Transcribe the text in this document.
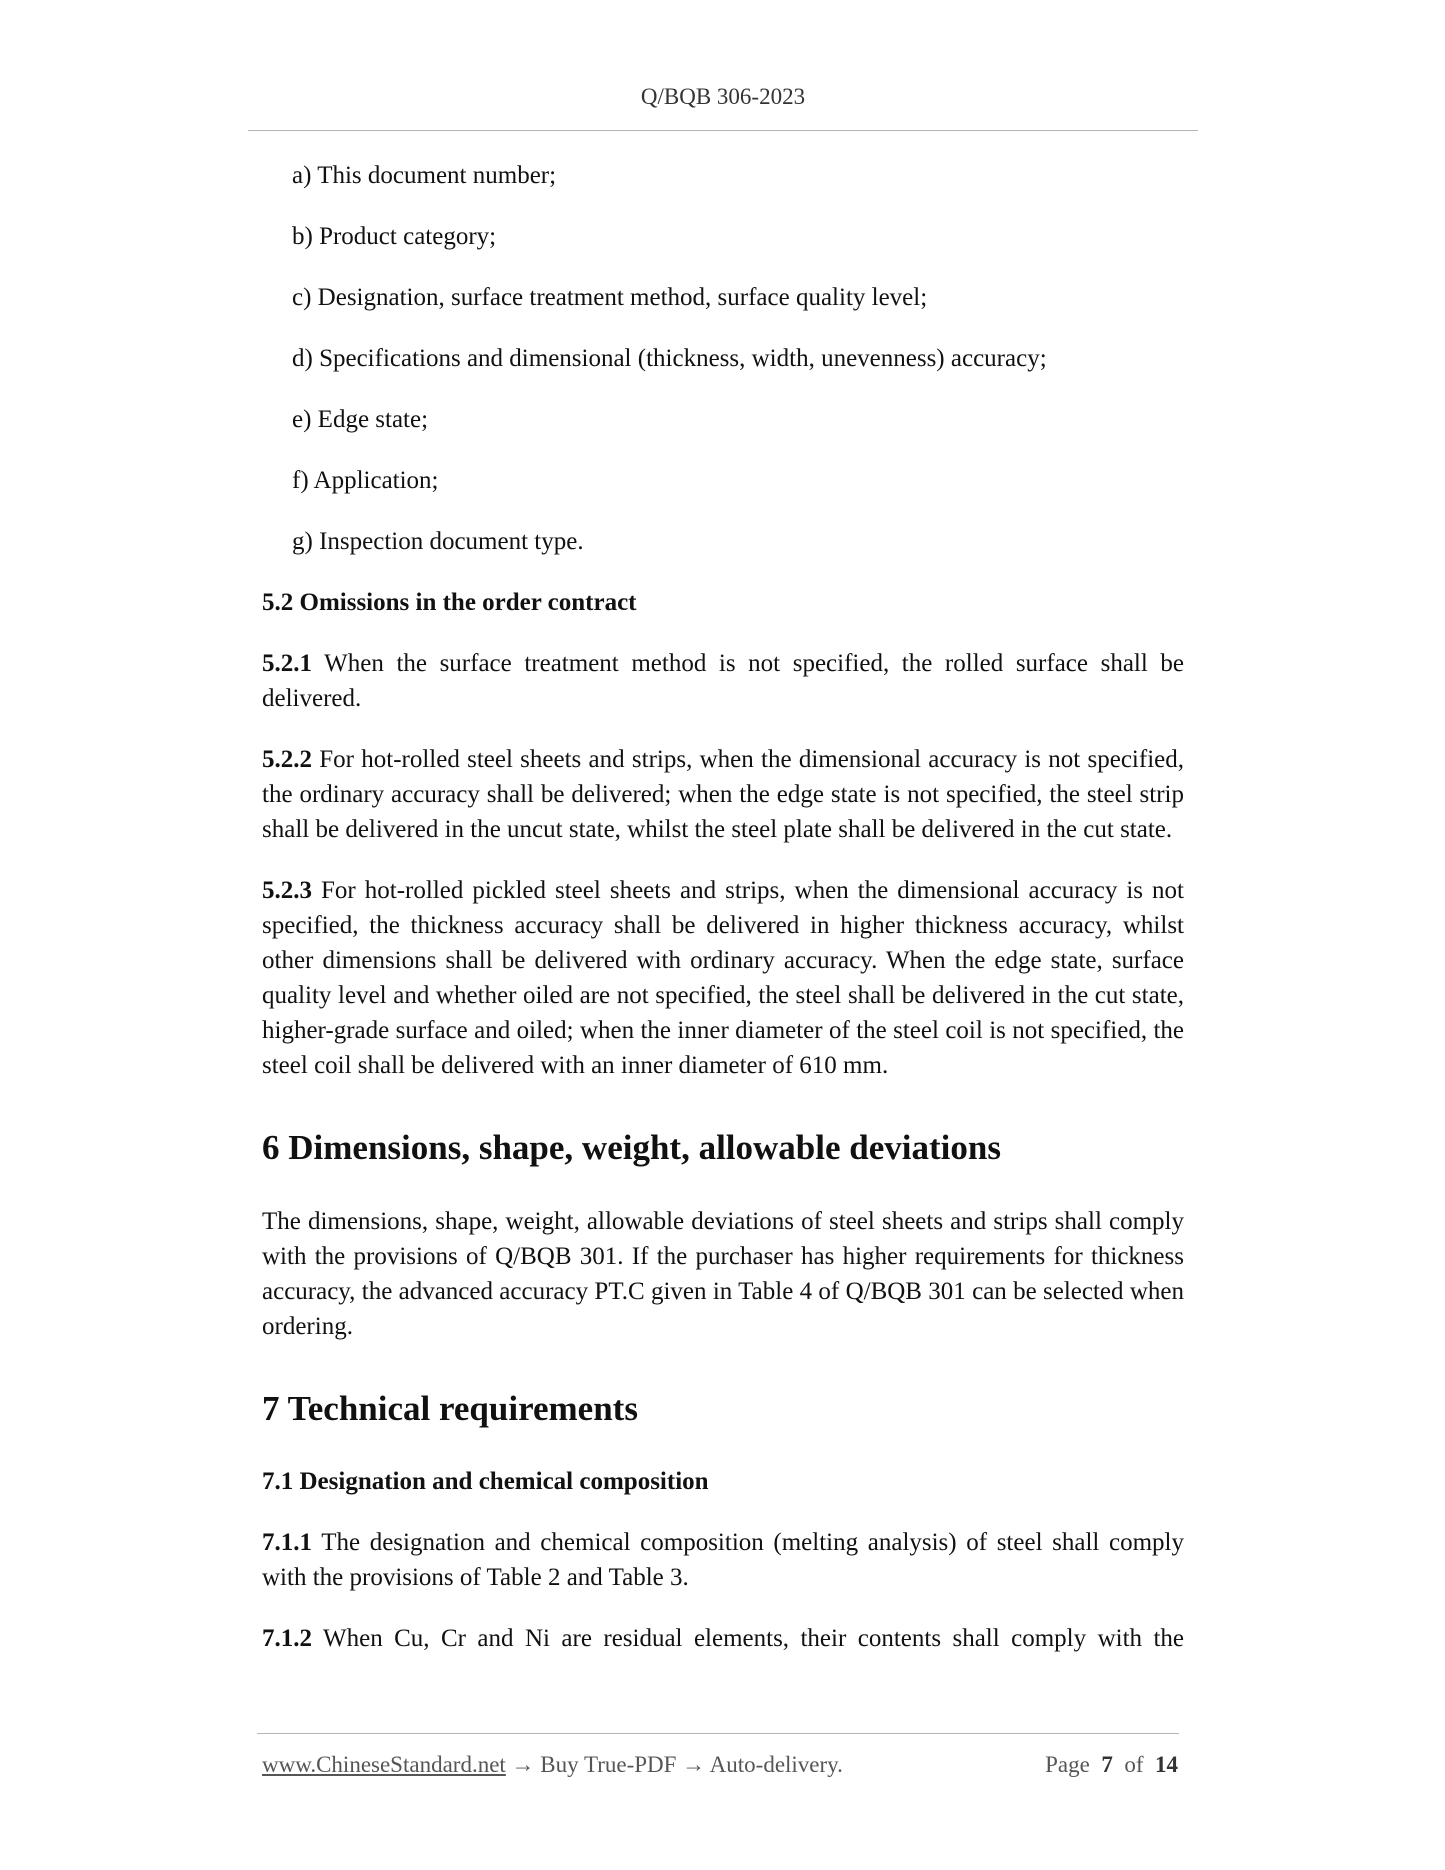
Q/BQB 306-2023
a) This document number;
b) Product category;
c) Designation, surface treatment method, surface quality level;
d) Specifications and dimensional (thickness, width, unevenness) accuracy;
e) Edge state;
f) Application;
g) Inspection document type.
5.2 Omissions in the order contract

5.2.1 When the surface treatment method is not specified, the rolled surface shall be delivered.

5.2.2 For hot-rolled steel sheets and strips, when the dimensional accuracy is not specified, the ordinary accuracy shall be delivered; when the edge state is not specified, the steel strip shall be delivered in the uncut state, whilst the steel plate shall be delivered in the cut state.

5.2.3 For hot-rolled pickled steel sheets and strips, when the dimensional accuracy is not specified, the thickness accuracy shall be delivered in higher thickness accuracy, whilst other dimensions shall be delivered with ordinary accuracy. When the edge state, surface quality level and whether oiled are not specified, the steel shall be delivered in the cut state, higher-grade surface and oiled; when the inner diameter of the steel coil is not specified, the steel coil shall be delivered with an inner diameter of 610 mm.

6 Dimensions, shape, weight, allowable deviations

The dimensions, shape, weight, allowable deviations of steel sheets and strips shall comply with the provisions of Q/BQB 301. If the purchaser has higher requirements for thickness accuracy, the advanced accuracy PT.C given in Table 4 of Q/BQB 301 can be selected when ordering.

7 Technical requirements
7.1 Designation and chemical composition

7.1.1 The designation and chemical composition (melting analysis) of steel shall comply with the provisions of Table 2 and Table 3.

7.1.2 When Cu, Cr and Ni are residual elements, their contents shall comply with the

www.ChineseStandard.net → Buy True-PDF → Auto-delivery.	Page 7 of 14
